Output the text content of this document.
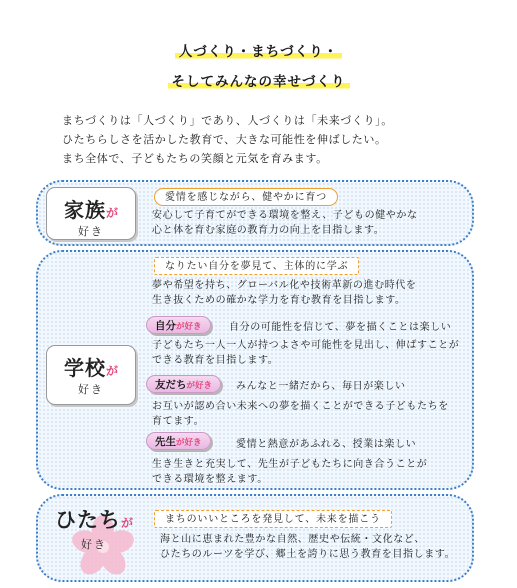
人づくり・まちづくり・
そしてみんなの幸せづくり
まちづくりは「人づくり」であり、人づくりは「未来づくり」。
ひたちらしさを活かした教育で、大きな可能性を伸ばしたい。
まち全体で、子どもたちの笑顔と元気を育みます。
家族が
好き
愛情を感じながら、健やかに育つ
安心して子育てができる環境を整え、子どもの健やかな
心と体を育む家庭の教育力の向上を目指します。
学校が
好き
なりたい自分を夢見て、主体的に学ぶ
夢や希望を持ち、グローバル化や技術革新の進む時代を
生き抜くための確かな学力を育む教育を目指します。
自分が好き	自分の可能性を信じて、夢を描くことは楽しい
子どもたち一人一人が持つよさや可能性を見出し、伸ばすことが
できる教育を目指します。
友だちが好き	みんなと一緒だから、毎日が楽しい
お互いが認め合い未来への夢を描くことができる子どもたちを
育てます。
先生が好き	愛情と熱意があふれる、授業は楽しい
生き生きと充実して、先生が子どもたちに向き合うことが
できる環境を整えます。
ひたちが
好き
まちのいいところを発見して、未来を描こう
海と山に恵まれた豊かな自然、歴史や伝統・文化など、
ひたちのルーツを学び、郷土を誇りに思う教育を目指します。
